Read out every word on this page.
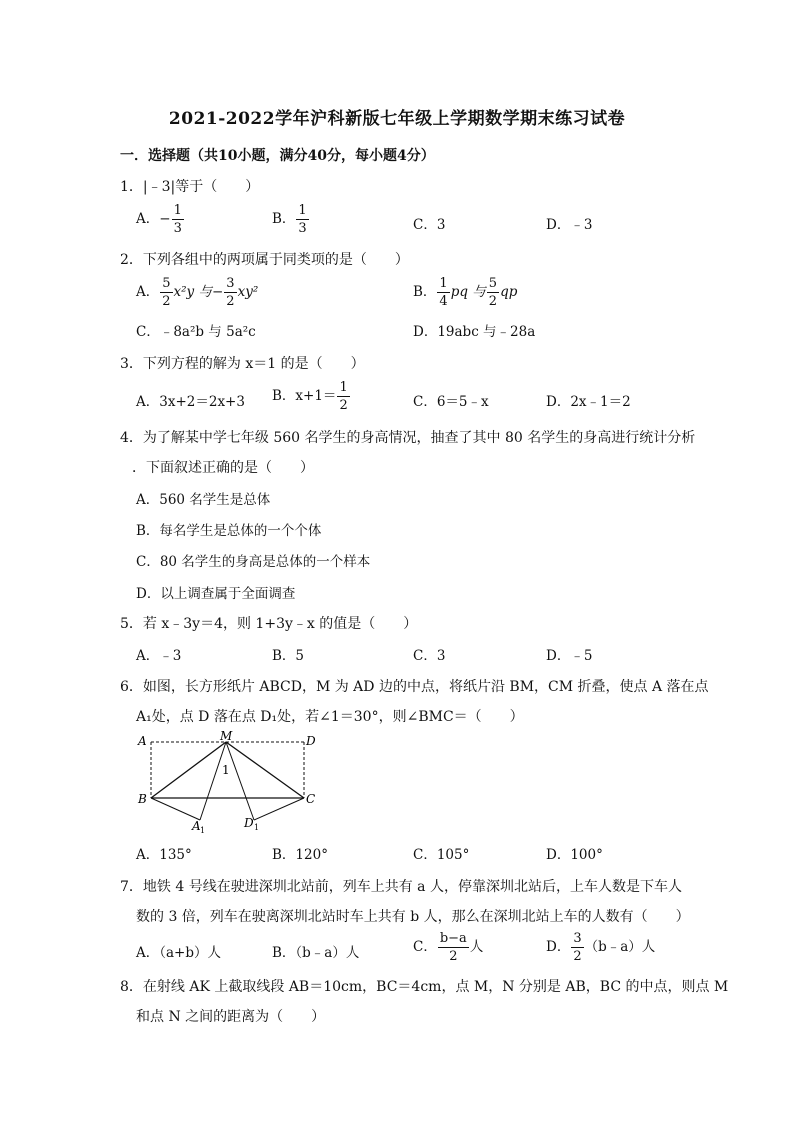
2021-2022学年沪科新版七年级上学期数学期末练习试卷
一．选择题（共10小题，满分40分，每小题4分）
1．|﹣3|等于（　　）
A．− $\frac{1}{3}$	B． $\frac{1}{3}$	C．3	D．﹣3
2．下列各组中的两项属于同类项的是（　　）
A． $\frac{5}{2} x^2y$ 与− $\frac{3}{2} xy^2$	B． $\frac{1}{4}$ pq 与 $\frac{5}{2}$ qp
C．﹣8a²b 与 5a²c	D．19abc 与﹣28a
3．下列方程的解为 x＝1 的是（　　）
A．3x+2＝2x+3 B．$x+1= \frac{1}{2}$	C．6＝5﹣x	D．2x﹣1＝2
4．为了解某中学七年级 560 名学生的身高情况，抽查了其中 80 名学生的身高进行统计分析
．下面叙述正确的是（　　）
A．560 名学生是总体
B．每名学生是总体的一个个体
C．80 名学生的身高是总体的一个样本
D．以上调查属于全面调查
5．若 x﹣3y＝4，则 1+3y﹣x 的值是（　　）
A．﹣3	B．5	C．3	D．﹣5
6．如图，长方形纸片 ABCD，M 为 AD 边的中点，将纸片沿 BM，CM 折叠，使点 A 落在点
A₁处，点 D 落在点 D₁处，若∠1＝30°，则∠BMC＝（　　）
A	M	D
B	C
1
A 1
D 1
A．135°	B．120°	C．105°	D．100°
7．地铁 4 号线在驶进深圳北站前，列车上共有 a 人，停靠深圳北站后，上车人数是下车人
数的 3 倍，列车在驶离深圳北站时车上共有 b 人，那么在深圳北站上车的人数有（　　）
A．（a+b）人	B．（b﹣a）人	C． $\frac{b-a}{2}$ 人	D． $\frac{3}{2}$ （b﹣a）人
8．在射线 AK 上截取线段 AB＝10cm，BC＝4cm，点 M，N 分别是 AB，BC 的中点，则点 M
和点 N 之间的距离为（　　）
